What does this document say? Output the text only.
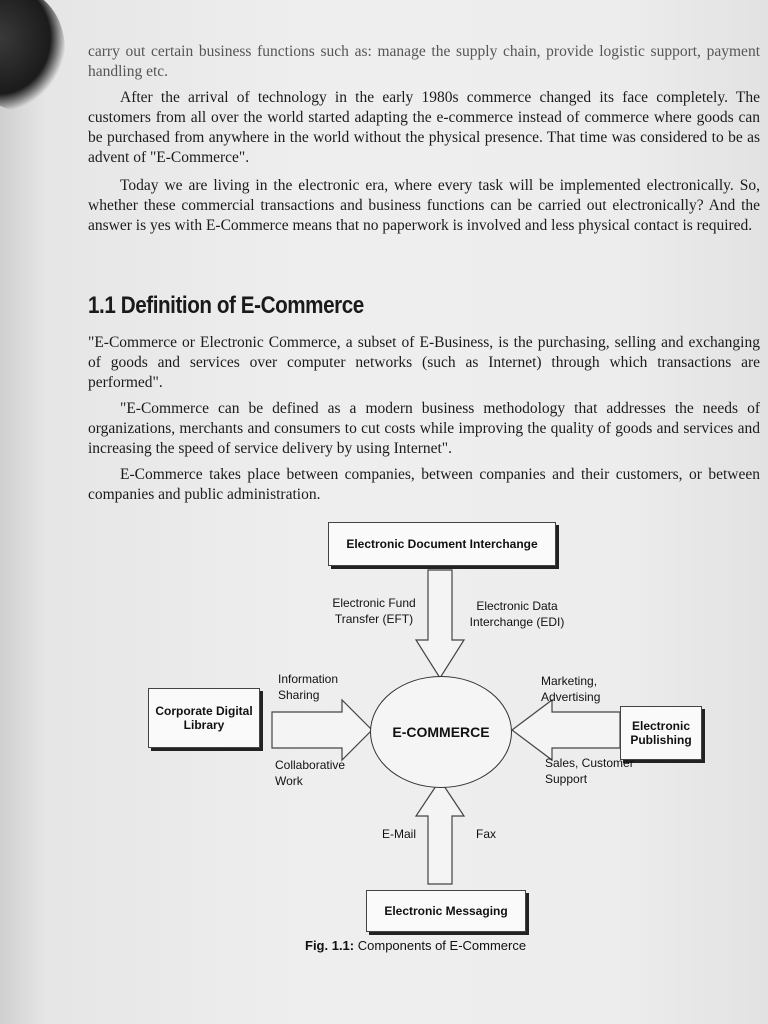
carry out certain business functions such as: manage the supply chain, provide logistic support, payment handling etc.

After the arrival of technology in the early 1980s commerce changed its face completely. The customers from all over the world started adapting the e-commerce instead of commerce where goods can be purchased from anywhere in the world without the physical presence. That time was considered to be as advent of "E-Commerce".

Today we are living in the electronic era, where every task will be implemented electronically. So, whether these commercial transactions and business functions can be carried out electronically? And the answer is yes with E-Commerce means that no paperwork is involved and less physical contact is required.

1.1 Definition of E-Commerce

"E-Commerce or Electronic Commerce, a subset of E-Business, is the purchasing, selling and exchanging of goods and services over computer networks (such as Internet) through which transactions are performed".

"E-Commerce can be defined as a modern business methodology that addresses the needs of organizations, merchants and consumers to cut costs while improving the quality of goods and services and increasing the speed of service delivery by using Internet".

E-Commerce takes place between companies, between companies and their customers, or between companies and public administration.

Electronic Document Interchange
Corporate Digital Library	Electronic Publishing
Electronic Messaging
E-COMMERCE
Electronic Fund Transfer (EFT)
Electronic Data Interchange (EDI)
Information Sharing
Collaborative Work
Marketing, Advertising
Sales, Customer Support
E-Mail	Fax
Fig. 1.1: Components of E-Commerce
